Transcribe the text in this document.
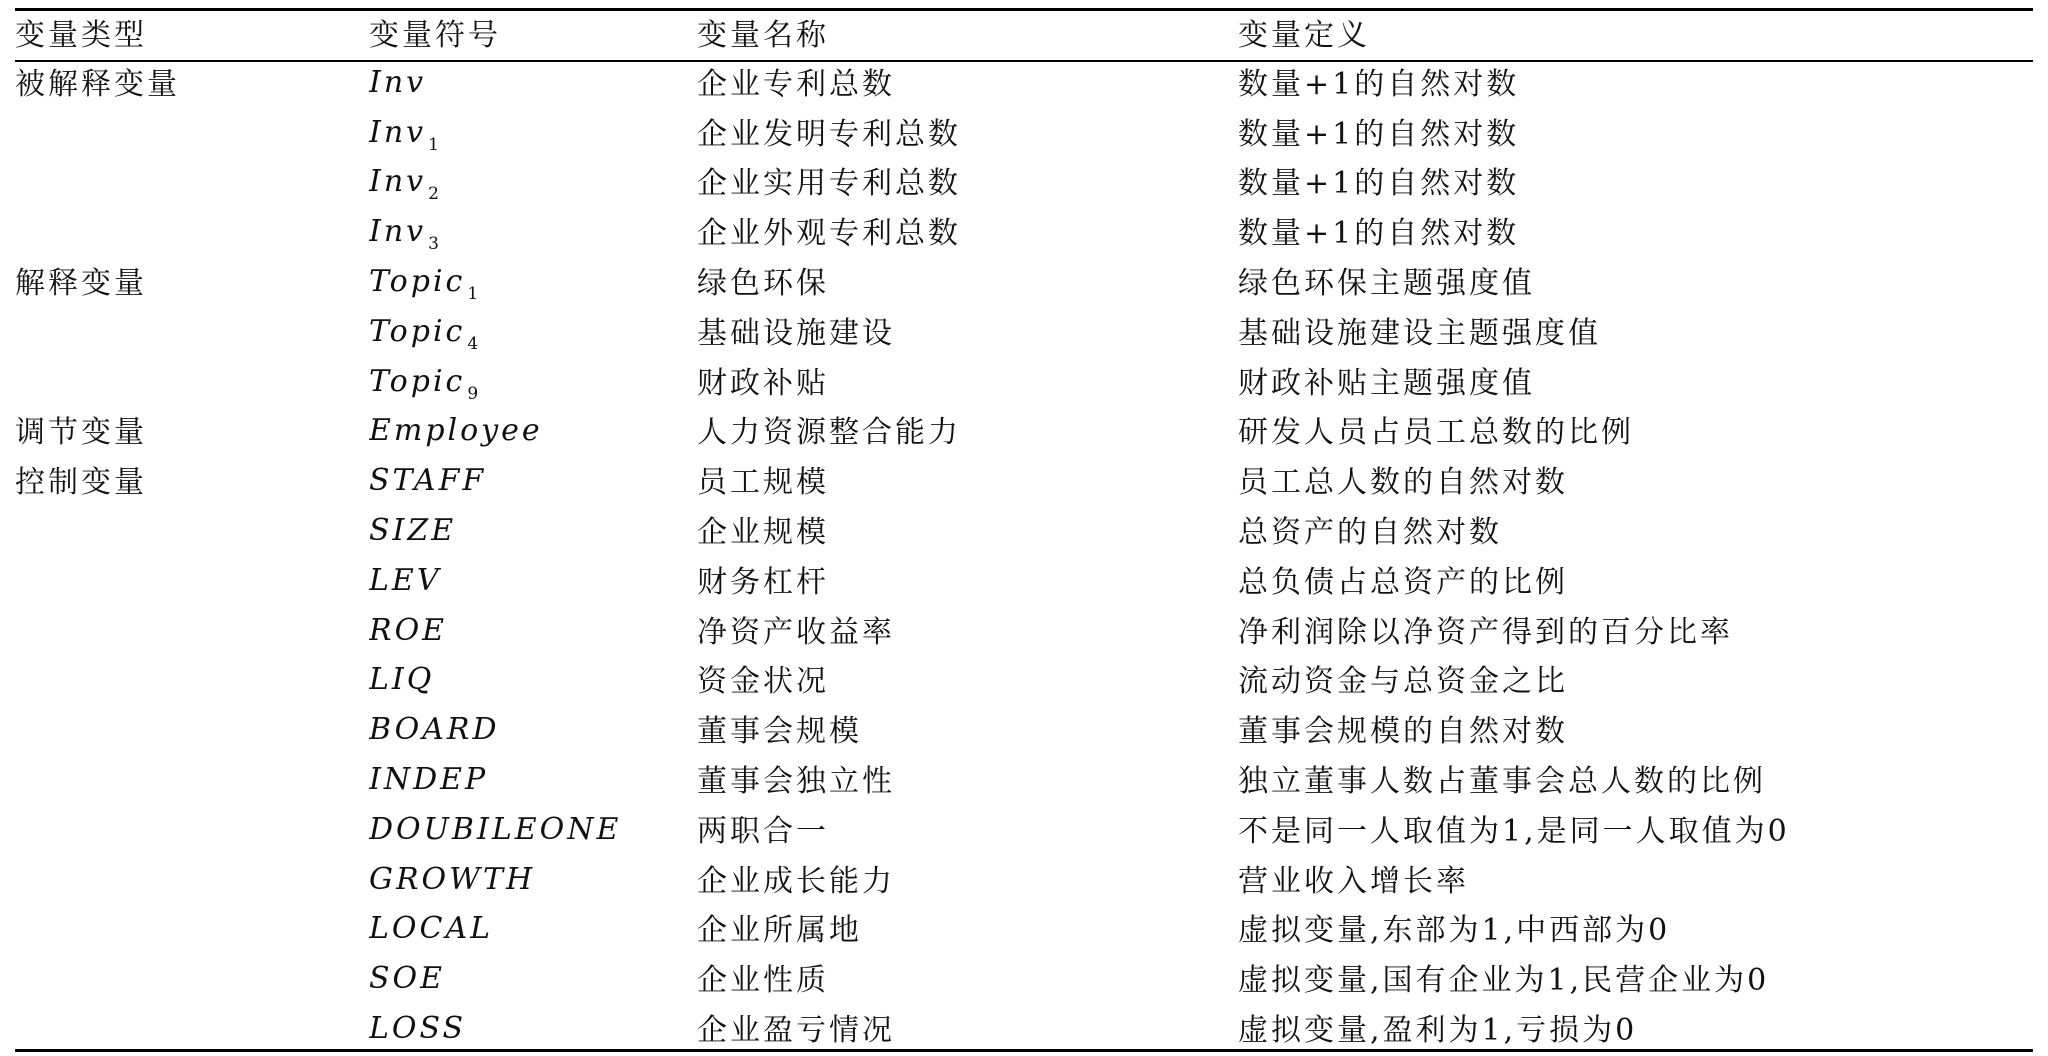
变量类型	变量符号	变量名称	变量定义
被解释变量	Inv	企业专利总数	数量+1的自然对数
	Inv $_1$	企业发明专利总数	数量+1的自然对数
	Inv $_2$	企业实用专利总数	数量+1的自然对数
	Inv $_3$	企业外观专利总数	数量+1的自然对数
解释变量	Topic $_1$	绿色环保	绿色环保主题强度值
	Topic $_4$	基础设施建设	基础设施建设主题强度值
	Topic $_9$	财政补贴	财政补贴主题强度值
调节变量	Employee	人力资源整合能力	研发人员占员工总数的比例
控制变量	STAFF	员工规模	员工总人数的自然对数
	SIZE	企业规模	总资产的自然对数
	LEV	财务杠杆	总负债占总资产的比例
	ROE	净资产收益率	净利润除以净资产得到的百分比率
	LIQ	资金状况	流动资金与总资金之比
	BOARD	董事会规模	董事会规模的自然对数
	INDEP	董事会独立性	独立董事人数占董事会总人数的比例
	DOUBILEONE	两职合一	不是同一人取值为1,是同一人取值为0
	GROWTH	企业成长能力	营业收入增长率
	LOCAL	企业所属地	虚拟变量,东部为1,中西部为0
	SOE	企业性质	虚拟变量,国有企业为1,民营企业为0
	LOSS	企业盈亏情况	虚拟变量,盈利为1,亏损为0
